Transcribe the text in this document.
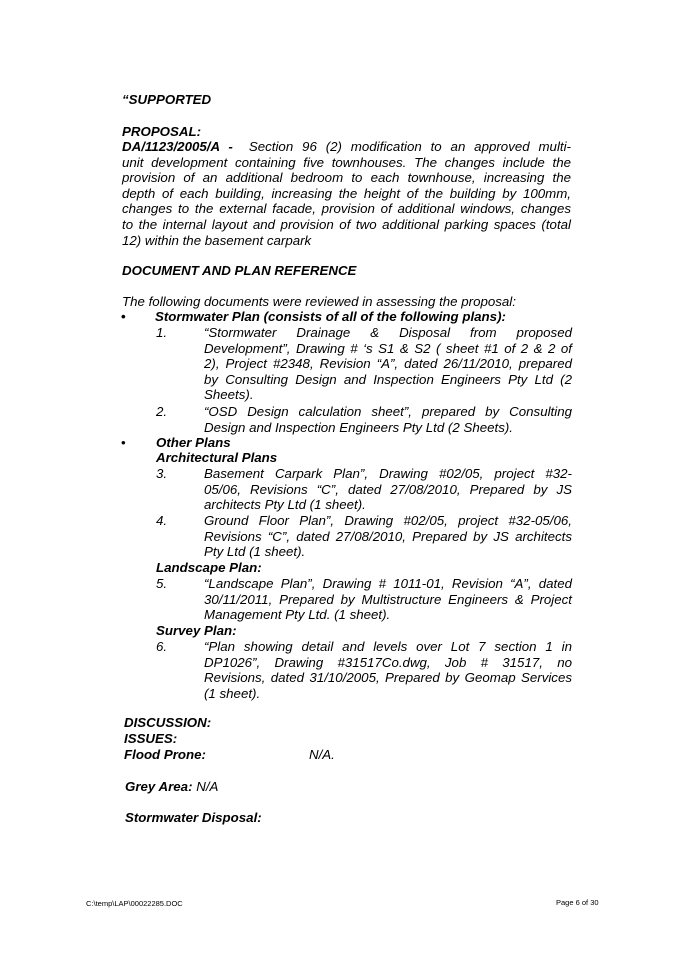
“SUPPORTED
PROPOSAL:
DA/1123/2005/A - Section 96 (2) modification to an approved multi-
unit development containing five townhouses. The changes include the
provision of an additional bedroom to each townhouse, increasing the
depth of each building, increasing the height of the building by 100mm,
changes to the external facade, provision of additional windows, changes
to the internal layout and provision of two additional parking spaces (total
12) within the basement carpark
DOCUMENT AND PLAN REFERENCE
The following documents were reviewed in assessing the proposal:
• Stormwater Plan (consists of all of the following plans):
1.	“Stormwater Drainage & Disposal from proposed
Development”, Drawing # ‘s S1 & S2 ( sheet #1 of 2 & 2 of
2), Project #2348, Revision “A”, dated 26/11/2010, prepared
by Consulting Design and Inspection Engineers Pty Ltd (2
Sheets).
2.	“OSD Design calculation sheet”, prepared by Consulting
Design and Inspection Engineers Pty Ltd (2 Sheets).
• Other Plans
Architectural Plans
3.	Basement Carpark Plan”, Drawing #02/05, project #32-
05/06, Revisions “C”, dated 27/08/2010, Prepared by JS
architects Pty Ltd (1 sheet).
4.	Ground Floor Plan”, Drawing #02/05, project #32-05/06,
Revisions “C”, dated 27/08/2010, Prepared by JS architects
Pty Ltd (1 sheet).
Landscape Plan:
5.	“Landscape Plan”, Drawing # 1011-01, Revision “A”, dated
30/11/2011, Prepared by Multistructure Engineers & Project
Management Pty Ltd. (1 sheet).
Survey Plan:
6.	“Plan showing detail and levels over Lot 7 section 1 in
DP1026”, Drawing #31517Co.dwg, Job # 31517, no
Revisions, dated 31/10/2005, Prepared by Geomap Services
(1 sheet).
DISCUSSION:
ISSUES:
Flood Prone:	N/A.
Grey Area: N/A
Stormwater Disposal:
C:\temp\LAP\00022285.DOC	Page 6 of 30
